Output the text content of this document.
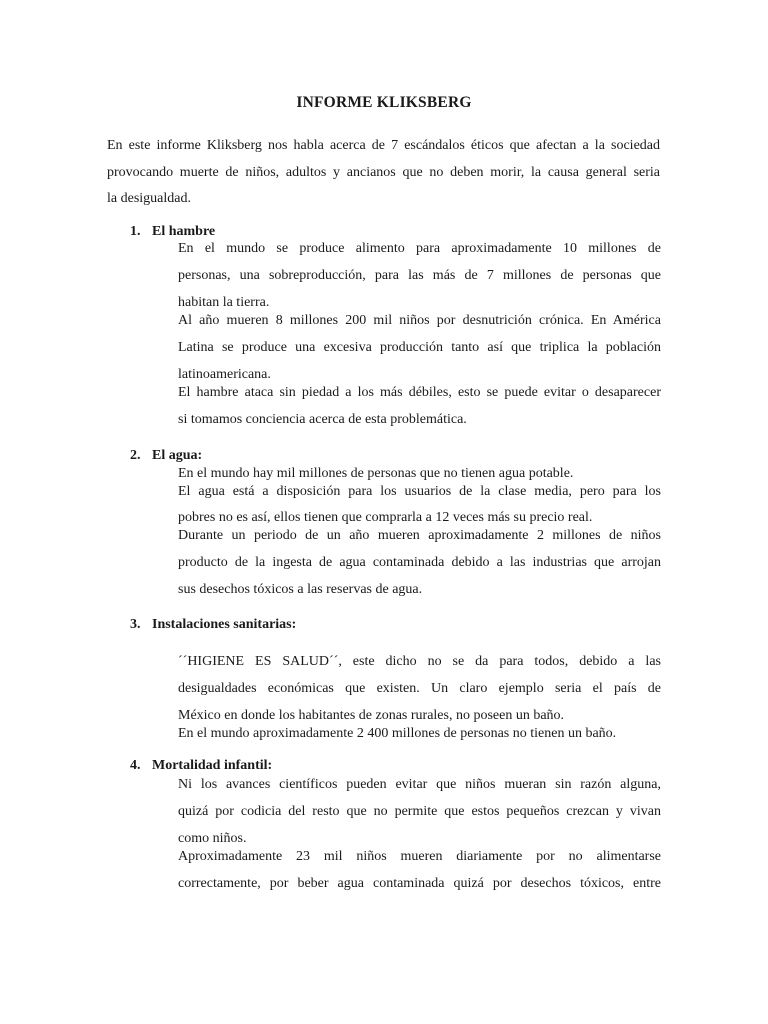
INFORME KLIKSBERG
En este informe Kliksberg nos habla acerca de 7 escándalos éticos que afectan a la sociedad
provocando muerte de niños, adultos y ancianos que no deben morir, la causa general seria
la desigualdad.
1. El hambre
En el mundo se produce alimento para aproximadamente 10 millones de
personas, una sobreproducción, para las más de 7 millones de personas que
habitan la tierra.
Al año mueren 8 millones 200 mil niños por desnutrición crónica. En América
Latina se produce una excesiva producción tanto así que triplica la población
latinoamericana.
El hambre ataca sin piedad a los más débiles, esto se puede evitar o desaparecer
si tomamos conciencia acerca de esta problemática.
2. El agua:
En el mundo hay mil millones de personas que no tienen agua potable.
El agua está a disposición para los usuarios de la clase media, pero para los
pobres no es así, ellos tienen que comprarla a 12 veces más su precio real.
Durante un periodo de un año mueren aproximadamente 2 millones de niños
producto de la ingesta de agua contaminada debido a las industrias que arrojan
sus desechos tóxicos a las reservas de agua.
3. Instalaciones sanitarias:
´´HIGIENE ES SALUD´´, este dicho no se da para todos, debido a las
desigualdades económicas que existen. Un claro ejemplo seria el país de
México en donde los habitantes de zonas rurales, no poseen un baño.
En el mundo aproximadamente 2 400 millones de personas no tienen un baño.
4. Mortalidad infantil:
Ni los avances científicos pueden evitar que niños mueran sin razón alguna,
quizá por codicia del resto que no permite que estos pequeños crezcan y vivan
como niños.
Aproximadamente 23 mil niños mueren diariamente por no alimentarse
correctamente, por beber agua contaminada quizá por desechos tóxicos, entre
